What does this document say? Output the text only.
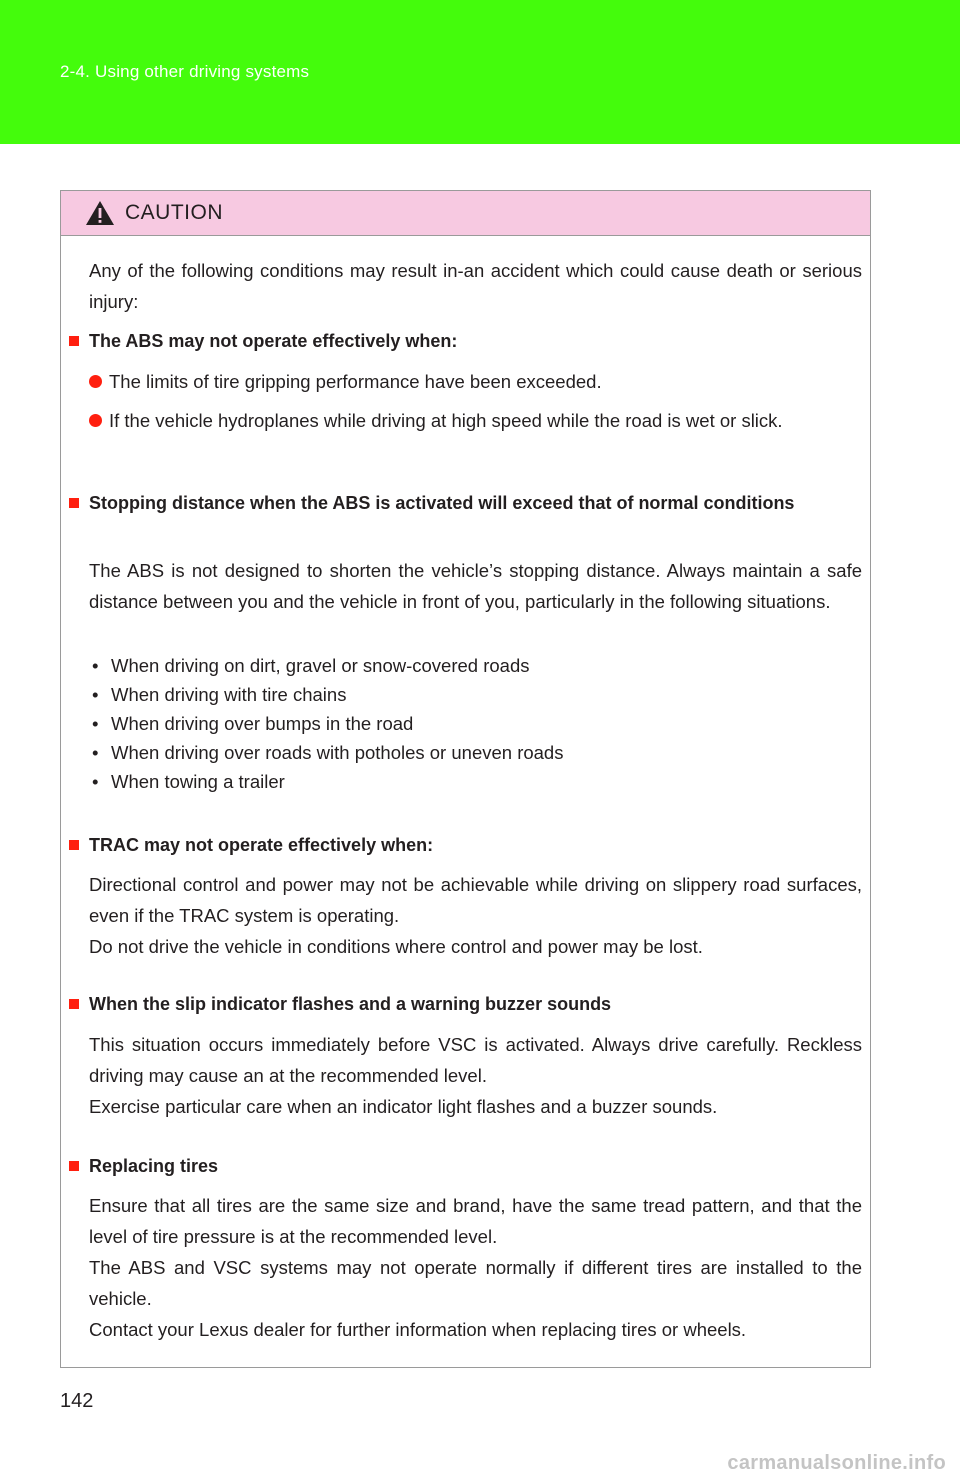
2-4. Using other driving systems
CAUTION
Any of the following conditions may result in-an accident which could cause death or serious injury:
The ABS may not operate effectively when:
The limits of tire gripping performance have been exceeded.
If the vehicle hydroplanes while driving at high speed while the road is wet or slick.
Stopping distance when the ABS is activated will exceed that of normal conditions
The ABS is not designed to shorten the vehicle’s stopping distance. Always maintain a safe distance between you and the vehicle in front of you, particularly in the following situations.
• When driving on dirt, gravel or snow-covered roads
• When driving with tire chains
• When driving over bumps in the road
• When driving over roads with potholes or uneven roads
• When towing a trailer
TRAC may not operate effectively when:
Directional control and power may not be achievable while driving on slippery road surfaces, even if the TRAC system is operating.
Do not drive the vehicle in conditions where control and power may be lost.
When the slip indicator flashes and a warning buzzer sounds
This situation occurs immediately before VSC is activated. Always drive carefully. Reckless driving may cause an at the recommended level.
Exercise particular care when an indicator light flashes and a buzzer sounds.
Replacing tires
Ensure that all tires are the same size and brand, have the same tread pattern, and that the level of tire pressure is at the recommended level.
The ABS and VSC systems may not operate normally if different tires are installed to the vehicle.
Contact your Lexus dealer for further information when replacing tires or wheels.
142
carmanualsonline.info
